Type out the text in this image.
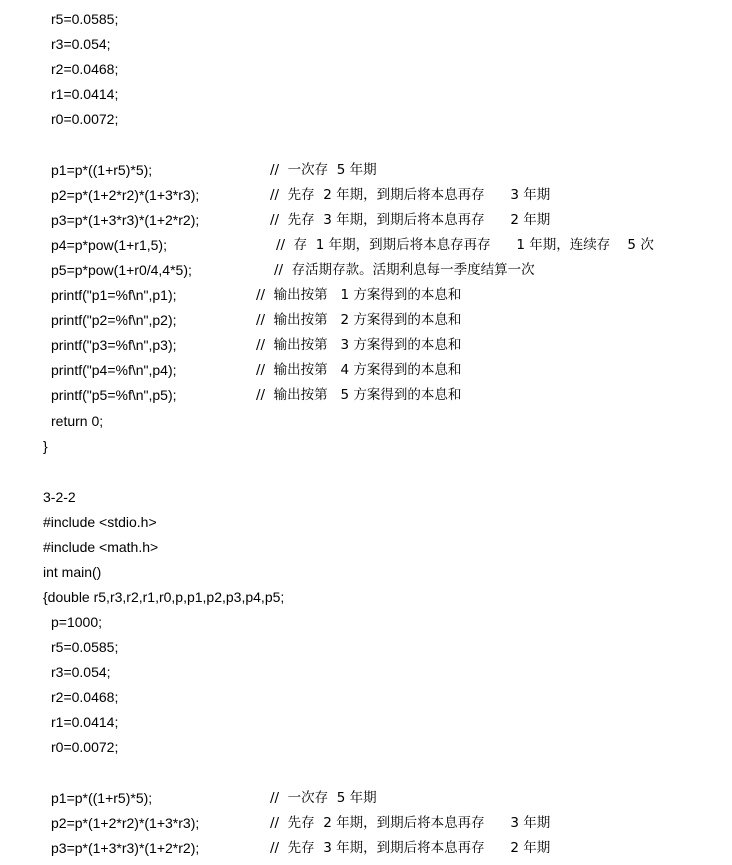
r5=0.0585;
r3=0.054;
r2=0.0468;
r1=0.0414;
r0=0.0072;
p1=p*((1+r5)*5);	//  一次存  5 年期
p2=p*(1+2*r2)*(1+3*r3);	//  先存  2 年期，到期后将本息再存      3 年期
p3=p*(1+3*r3)*(1+2*r2);	//  先存  3 年期，到期后将本息再存      2 年期
p4=p*pow(1+r1,5);	//  存  1 年期，到期后将本息存再存      1 年期，连续存    5 次
p5=p*pow(1+r0/4,4*5);	//  存活期存款。活期利息每一季度结算一次
printf("p1=%f\n",p1);	//  输出按第   1 方案得到的本息和
printf("p2=%f\n",p2);	//  输出按第   2 方案得到的本息和
printf("p3=%f\n",p3);	//  输出按第   3 方案得到的本息和
printf("p4=%f\n",p4);	//  输出按第   4 方案得到的本息和
printf("p5=%f\n",p5);	//  输出按第   5 方案得到的本息和
return 0;
}
3-2-2
#include <stdio.h>
#include <math.h>
int main()
{double r5,r3,r2,r1,r0,p,p1,p2,p3,p4,p5;
p=1000;
r5=0.0585;
r3=0.054;
r2=0.0468;
r1=0.0414;
r0=0.0072;
p1=p*((1+r5)*5);	//  一次存  5 年期
p2=p*(1+2*r2)*(1+3*r3);	//  先存  2 年期，到期后将本息再存      3 年期
p3=p*(1+3*r3)*(1+2*r2);	//  先存  3 年期，到期后将本息再存      2 年期
